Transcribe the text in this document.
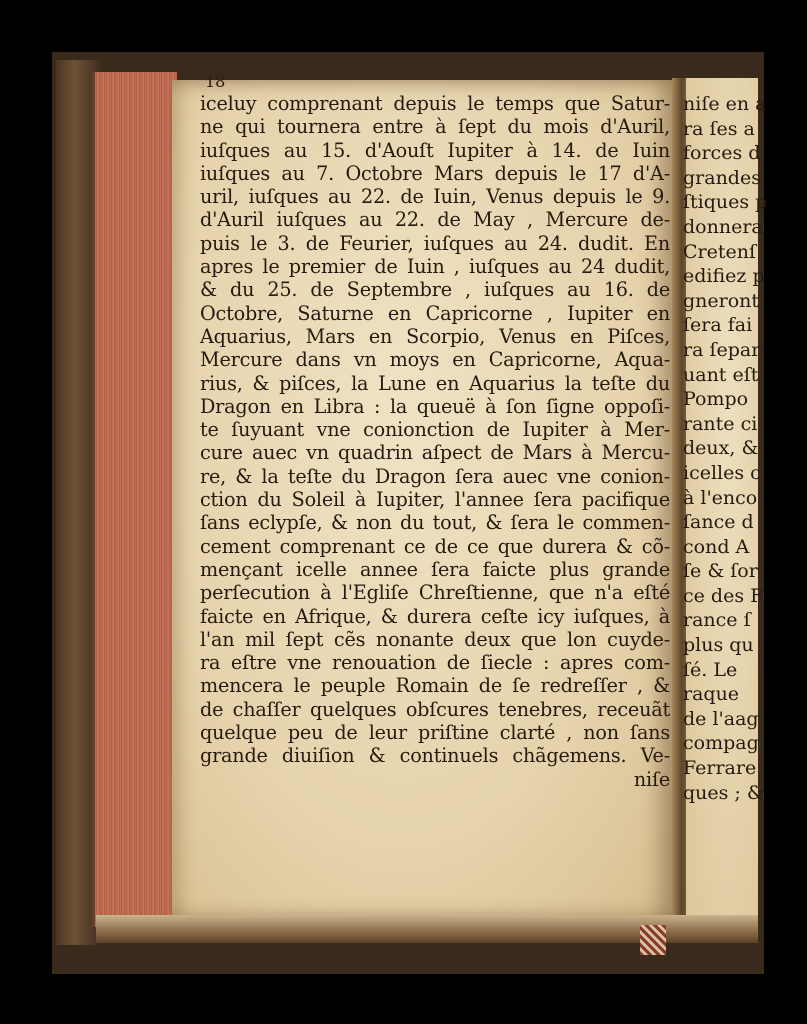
18
iceluy comprenant depuis le temps que Satur-
ne qui tournera entre à ſept du mois d'Auril,
iuſques au 15. d'Aouſt Iupiter à 14. de Iuin
iuſques au 7. Octobre Mars depuis le 17 d'A-
uril, iuſques au 22. de Iuin, Venus depuis le 9.
d'Auril iuſques au 22. de May , Mercure de-
puis le 3. de Feurier, iuſques au 24. dudit. En
apres le premier de Iuin , iuſques au 24 dudit,
& du 25. de Septembre , iuſques au 16. de
Octobre, Saturne en Capricorne , Iupiter en
Aquarius, Mars en Scorpio, Venus en Piſces,
Mercure dans vn moys en Capricorne, Aqua-
rius, & piſces, la Lune en Aquarius la teſte du
Dragon en Libra : la queuë à ſon ſigne oppoſi-
te ſuyuant vne conionction de Iupiter à Mer-
cure auec vn quadrin aſpect de Mars à Mercu-
re, & la teſte du Dragon ſera auec vne conion-
ction du Soleil à Iupiter, l'annee ſera pacifique
ſans eclypſe, & non du tout, & ſera le commen-
cement comprenant ce de ce que durera & cõ-
mençant icelle annee ſera faicte plus grande
perſecution à l'Egliſe Chreſtienne, que n'a eſté
faicte en Afrique, & durera ceſte icy iuſques, à
l'an mil ſept cẽs nonante deux que lon cuyde-
ra eſtre vne renouation de ſiecle : apres com-
mencera le peuple Romain de ſe redreſſer , &
de chaſſer quelques obſcures tenebres, receuãt
quelque peu de leur priſtine clarté , non ſans
grande diuiſion & continuels chãgemens. Ve-
niſe
niſe en a
ra ſes a
forces d
grandes
ſtiques p
donnera
Cretenſ
edifiez p
gneront
ſera fai
ra ſepar
uant eſt
Pompo
rante ci
deux, &
icelles c
à l'enco
ſance d
cond A
ſe & ſor
ce des F
rance ſ
plus qu
ſé. Le
raque
de l'aag
compag
Ferrare
ques ; &
